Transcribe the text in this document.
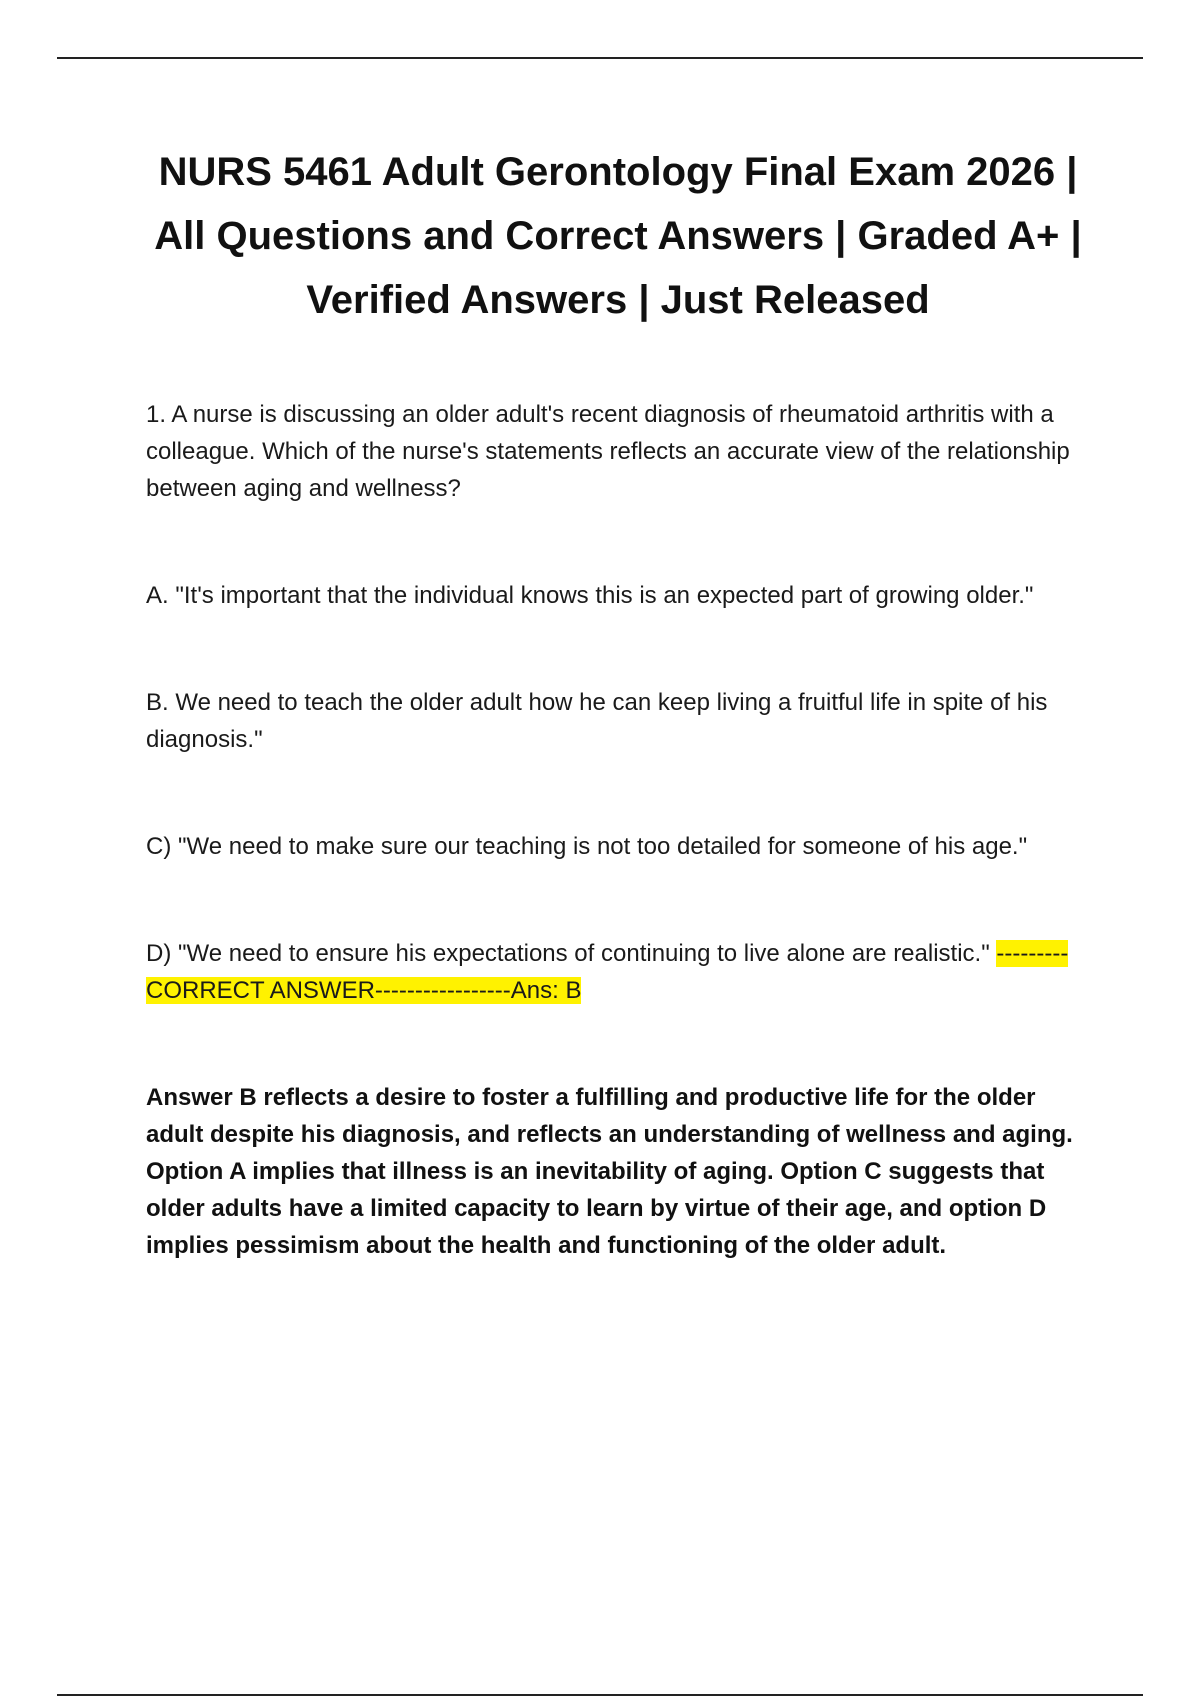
NURS 5461 Adult Gerontology Final Exam 2026 | All Questions and Correct Answers | Graded A+ | Verified Answers | Just Released

1. A nurse is discussing an older adult's recent diagnosis of rheumatoid arthritis with a colleague. Which of the nurse's statements reflects an accurate view of the relationship between aging and wellness?

A. "It's important that the individual knows this is an expected part of growing older."

B. We need to teach the older adult how he can keep living a fruitful life in spite of his diagnosis."

C) "We need to make sure our teaching is not too detailed for someone of his age."

D) "We need to ensure his expectations of continuing to live alone are realistic." ---------CORRECT ANSWER-----------------Ans: B

Answer B reflects a desire to foster a fulfilling and productive life for the older adult despite his diagnosis, and reflects an understanding of wellness and aging. Option A implies that illness is an inevitability of aging. Option C suggests that older adults have a limited capacity to learn by virtue of their age, and option D implies pessimism about the health and functioning of the older adult.
